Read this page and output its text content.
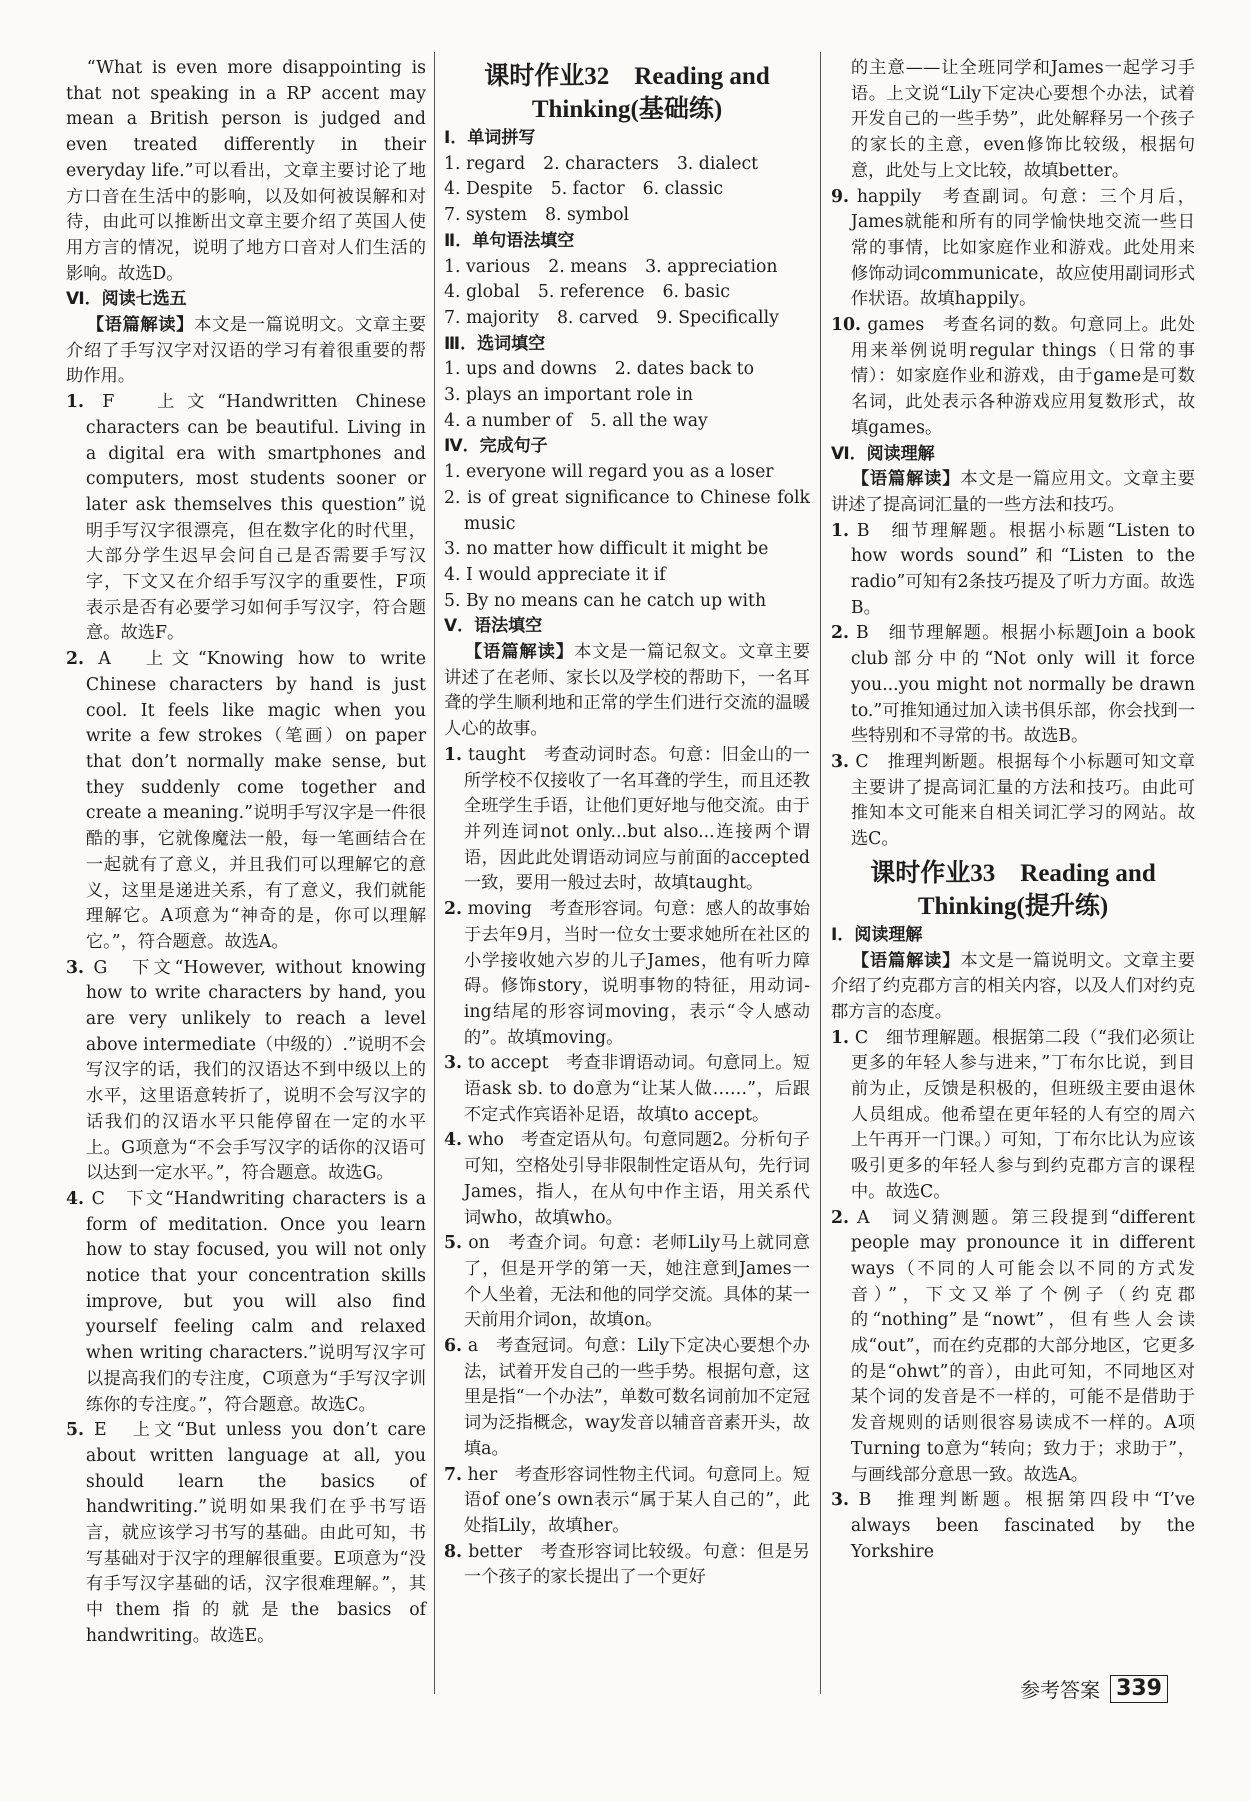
“What is even more disappointing is that not speaking in a RP accent may mean a British person is judged and even treated differently in their everyday life.”可以看出，文章主要讨论了地方口音在生活中的影响，以及如何被误解和对待，由此可以推断出文章主要介绍了英国人使用方言的情况，说明了地方口音对人们生活的影响。故选D。

Ⅵ．阅读七选五

【语篇解读】本文是一篇说明文。文章主要介绍了手写汉字对汉语的学习有着很重要的帮助作用。

1. F　上文“Handwritten Chinese characters can be beautiful. Living in a digital era with smartphones and computers, most students sooner or later ask themselves this question”说明手写汉字很漂亮，但在数字化的时代里，大部分学生迟早会问自己是否需要手写汉字，下文又在介绍手写汉字的重要性，F项表示是否有必要学习如何手写汉字，符合题意。故选F。

2. A　上文“Knowing how to write Chinese characters by hand is just cool. It feels like magic when you write a few strokes（笔画）on paper that don’t normally make sense, but they suddenly come together and create a meaning.”说明手写汉字是一件很酷的事，它就像魔法一般，每一笔画结合在一起就有了意义，并且我们可以理解它的意义，这里是递进关系，有了意义，我们就能理解它。A项意为“神奇的是，你可以理解它。”，符合题意。故选A。

3. G　下文“However, without knowing how to write characters by hand, you are very unlikely to reach a level above intermediate（中级的）.”说明不会写汉字的话，我们的汉语达不到中级以上的水平，这里语意转折了，说明不会写汉字的话我们的汉语水平只能停留在一定的水平上。G项意为“不会手写汉字的话你的汉语可以达到一定水平。”，符合题意。故选G。

4. C　下文“Handwriting characters is a form of meditation. Once you learn how to stay focused, you will not only notice that your concentration skills improve, but you will also find yourself feeling calm and relaxed when writing characters.”说明写汉字可以提高我们的专注度，C项意为“手写汉字训练你的专注度。”，符合题意。故选C。

5. E　上文“But unless you don’t care about written language at all, you should learn the basics of handwriting.”说明如果我们在乎书写语言，就应该学习书写的基础。由此可知，书写基础对于汉字的理解很重要。E项意为“没有手写汉字基础的话，汉字很难理解。”，其中them指的就是the basics of handwriting。故选E。

课时作业32　Reading and
Thinking(基础练)
Ⅰ．单词拼写
1. regard 2. characters 3. dialect
4. Despite 5. factor 6. classic
7. system 8. symbol
Ⅱ．单句语法填空
1. various 2. means 3. appreciation
4. global 5. reference 6. basic
7. majority 8. carved 9. Specifically
Ⅲ．选词填空
1. ups and downs 2. dates back to
3. plays an important role in
4. a number of 5. all the way
Ⅳ．完成句子

1. everyone will regard you as a loser

2. is of great significance to Chinese folk music

3. no matter how difficult it might be

4. I would appreciate it if

5. By no means can he catch up with

Ⅴ．语法填空

【语篇解读】本文是一篇记叙文。文章主要讲述了在老师、家长以及学校的帮助下，一名耳聋的学生顺利地和正常的学生们进行交流的温暖人心的故事。

1. taught　考查动词时态。句意：旧金山的一所学校不仅接收了一名耳聋的学生，而且还教全班学生手语，让他们更好地与他交流。由于并列连词not only...but also...连接两个谓语，因此此处谓语动词应与前面的accepted一致，要用一般过去时，故填taught。

2. moving　考查形容词。句意：感人的故事始于去年9月，当时一位女士要求她所在社区的小学接收她六岁的儿子James，他有听力障碍。修饰story，说明事物的特征，用动词-ing结尾的形容词moving，表示“令人感动的”。故填moving。

3. to accept　考查非谓语动词。句意同上。短语ask sb. to do意为“让某人做……”，后跟不定式作宾语补足语，故填to accept。

4. who　考查定语从句。句意同题2。分析句子可知，空格处引导非限制性定语从句，先行词James，指人，在从句中作主语，用关系代词who，故填who。

5. on　考查介词。句意：老师Lily马上就同意了，但是开学的第一天，她注意到James一个人坐着，无法和他的同学交流。具体的某一天前用介词on，故填on。

6. a　考查冠词。句意：Lily下定决心要想个办法，试着开发自己的一些手势。根据句意，这里是指“一个办法”，单数可数名词前加不定冠词为泛指概念，way发音以辅音音素开头，故填a。

7. her　考查形容词性物主代词。句意同上。短语of one’s own表示“属于某人自己的”，此处指Lily，故填her。

8. better　考查形容词比较级。句意：但是另一个孩子的家长提出了一个更好

的主意——让全班同学和James一起学习手语。上文说“Lily下定决心要想个办法，试着开发自己的一些手势”，此处解释另一个孩子的家长的主意，even修饰比较级，根据句意，此处与上文比较，故填better。

9. happily　考查副词。句意：三个月后，James就能和所有的同学愉快地交流一些日常的事情，比如家庭作业和游戏。此处用来修饰动词communicate，故应使用副词形式作状语。故填happily。

10. games　考查名词的数。句意同上。此处用来举例说明regular things（日常的事情）：如家庭作业和游戏，由于game是可数名词，此处表示各种游戏应用复数形式，故填games。

Ⅵ．阅读理解

【语篇解读】本文是一篇应用文。文章主要讲述了提高词汇量的一些方法和技巧。

1. B　细节理解题。根据小标题“Listen to how words sound”和“Listen to the radio”可知有2条技巧提及了听力方面。故选B。

2. B　细节理解题。根据小标题Join a book club部分中的“Not only will it force you...you might not normally be drawn to.”可推知通过加入读书俱乐部，你会找到一些特别和不寻常的书。故选B。

3. C　推理判断题。根据每个小标题可知文章主要讲了提高词汇量的方法和技巧。由此可推知本文可能来自相关词汇学习的网站。故选C。

课时作业33　Reading and
Thinking(提升练)
Ⅰ．阅读理解

【语篇解读】本文是一篇说明文。文章主要介绍了约克郡方言的相关内容，以及人们对约克郡方言的态度。

1. C　细节理解题。根据第二段（“我们必须让更多的年轻人参与进来，”丁布尔比说，到目前为止，反馈是积极的，但班级主要由退休人员组成。他希望在更年轻的人有空的周六上午再开一门课。）可知，丁布尔比认为应该吸引更多的年轻人参与到约克郡方言的课程中。故选C。

2. A　词义猜测题。第三段提到“different people may pronounce it in different ways（不同的人可能会以不同的方式发音）”，下文又举了个例子（约克郡的“nothing”是“nowt”，但有些人会读成“out”，而在约克郡的大部分地区，它更多的是“ohwt”的音），由此可知，不同地区对某个词的发音是不一样的，可能不是借助于发音规则的话则很容易读成不一样的。A项Turning to意为“转向；致力于；求助于”，与画线部分意思一致。故选A。

3. B　推理判断题。根据第四段中“I’ve always been fascinated by the Yorkshire

参考答案 339
